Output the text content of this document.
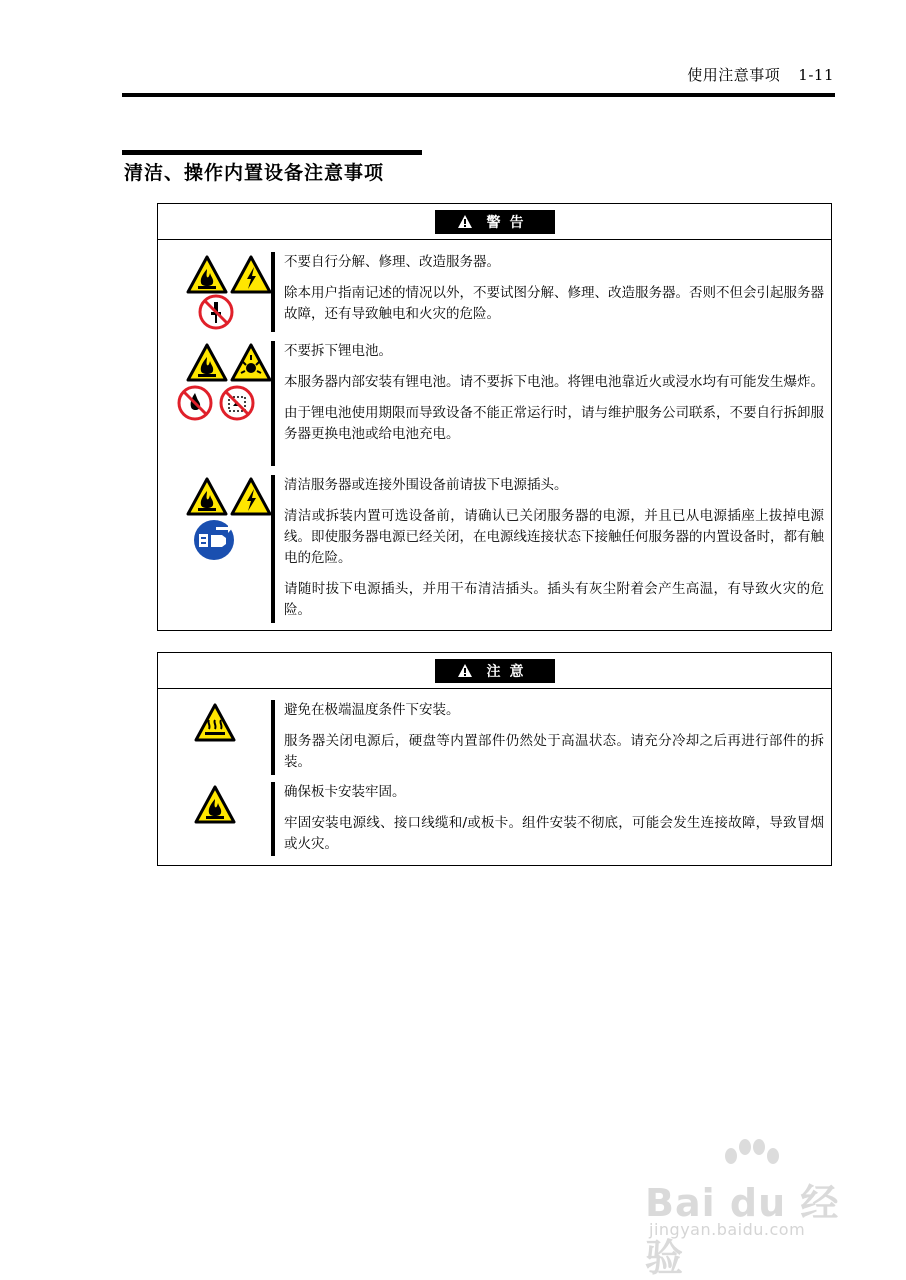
使用注意事项 1-11
清洁、操作内置设备注意事项
警告

不要自行分解、修理、改造服务器。

除本用户指南记述的情况以外，不要试图分解、修理、改造服务器。否则不但会引起服务器故障，还有导致触电和火灾的危险。

不要拆下锂电池。

本服务器内部安装有锂电池。请不要拆下电池。将锂电池靠近火或浸水均有可能发生爆炸。

由于锂电池使用期限而导致设备不能正常运行时，请与维护服务公司联系，不要自行拆卸服务器更换电池或给电池充电。

清洁服务器或连接外围设备前请拔下电源插头。

清洁或拆装内置可选设备前，请确认已关闭服务器的电源，并且已从电源插座上拔掉电源线。即使服务器电源已经关闭，在电源线连接状态下接触任何服务器的内置设备时，都有触电的危险。

请随时拔下电源插头，并用干布清洁插头。插头有灰尘附着会产生高温，有导致火灾的危险。

注意

避免在极端温度条件下安装。

服务器关闭电源后，硬盘等内置部件仍然处于高温状态。请充分冷却之后再进行部件的拆装。

确保板卡安装牢固。

牢固安装电源线、接口线缆和/或板卡。组件安装不彻底，可能会发生连接故障，导致冒烟或火灾。

Bai du 经验
jingyan.baidu.com
